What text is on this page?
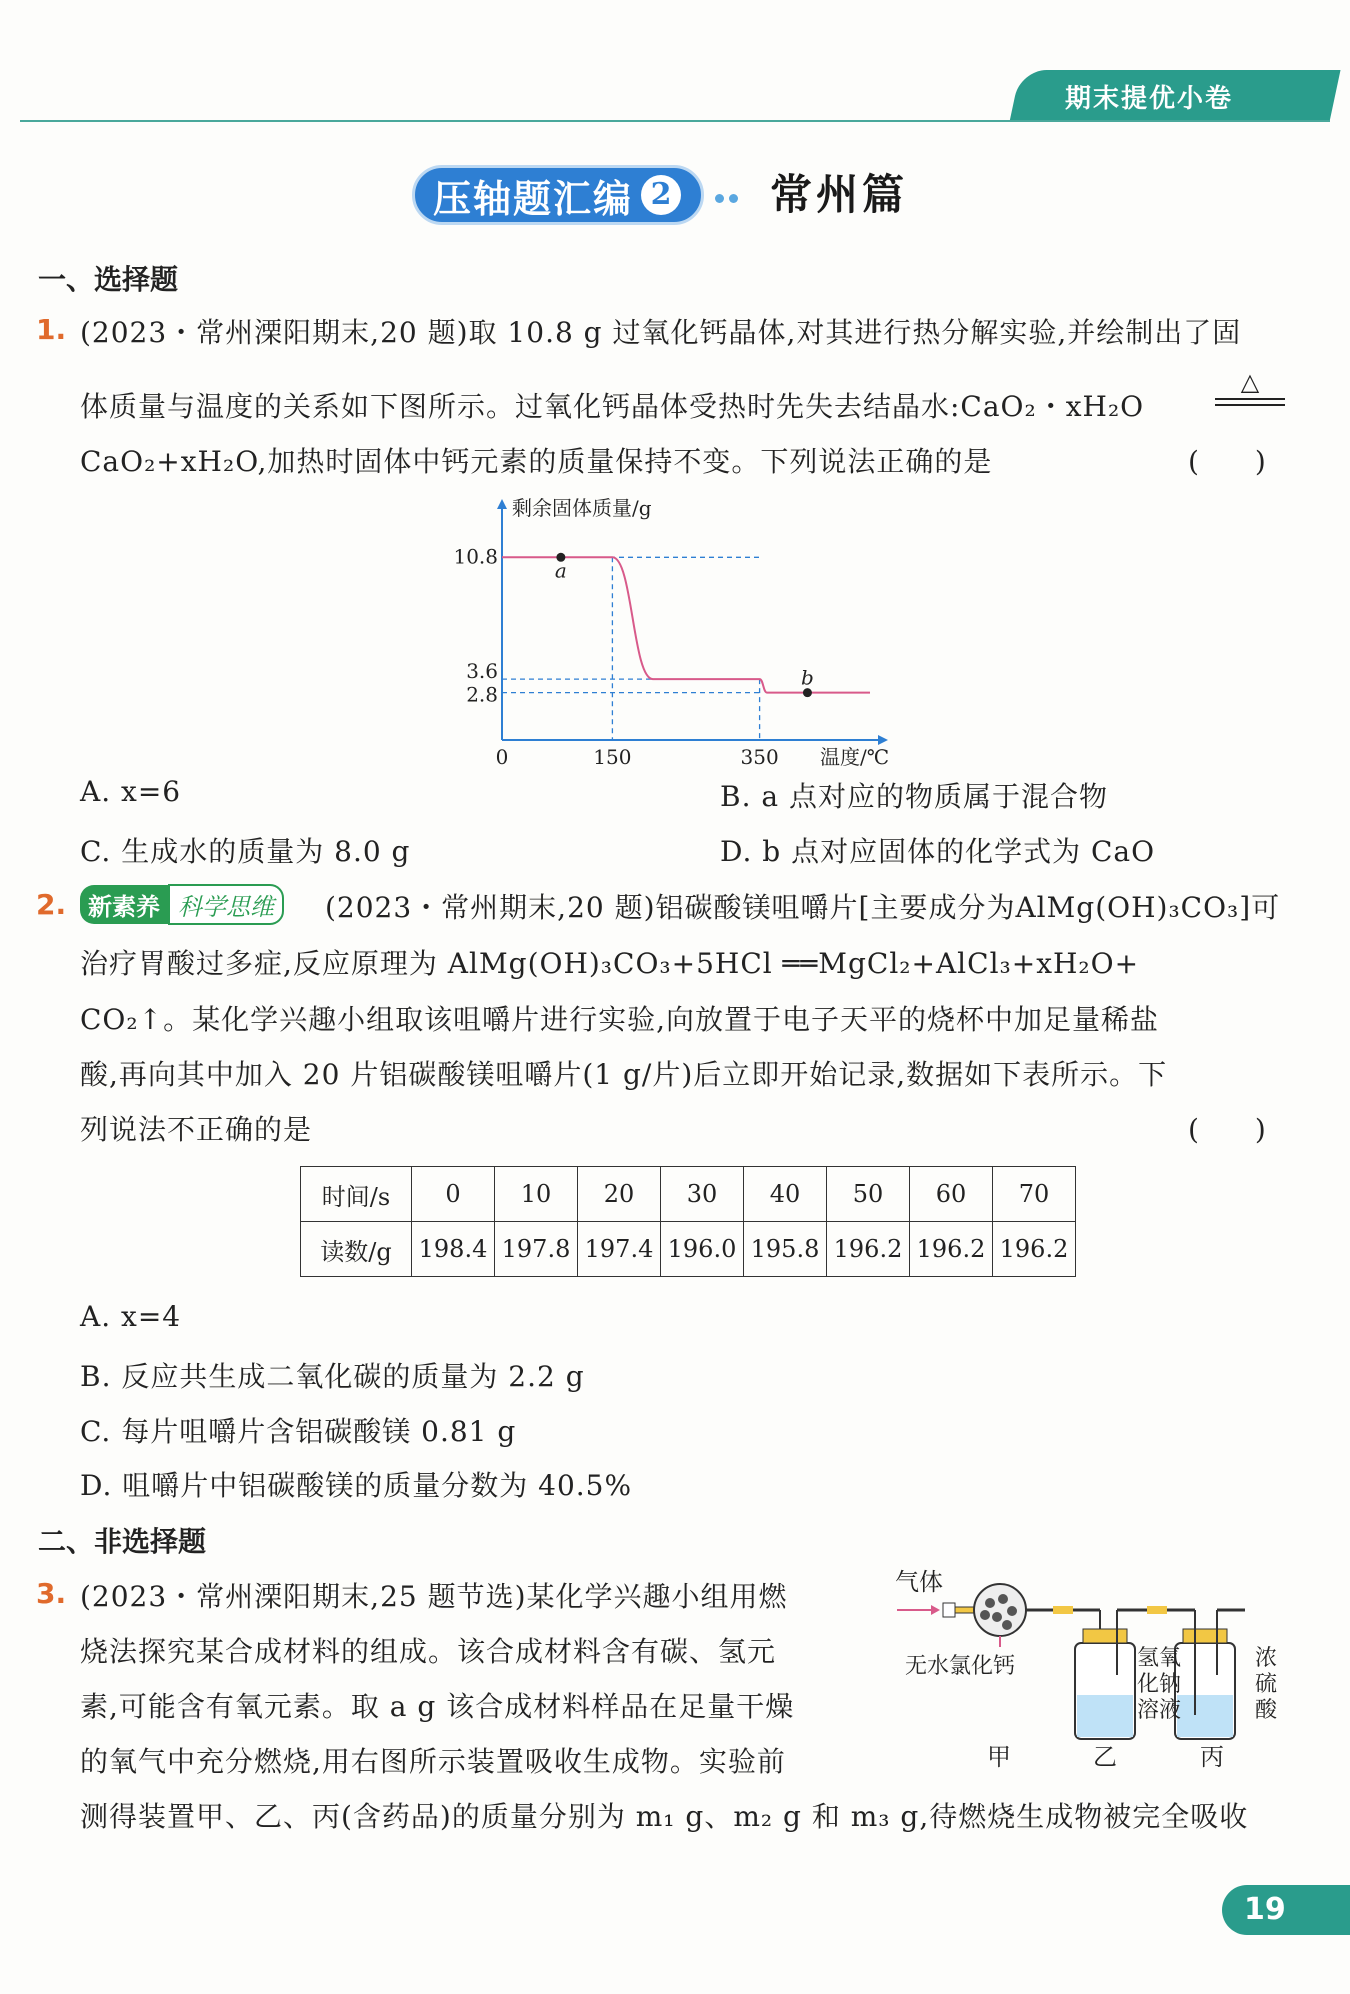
期末提优小卷
压轴题汇编 2 常州篇
一、选择题
1. (2023・常州溧阳期末,20 题)取 10.8 g 过氧化钙晶体,对其进行热分解实验,并绘制出了固
体质量与温度的关系如下图所示。过氧化钙晶体受热时先失去结晶水:CaO₂・xH₂O
△
CaO₂+xH₂O,加热时固体中钙元素的质量保持不变。下列说法正确的是	(　　)
10.8
3.6
2.8
0	150	350
剩余固体质量/g
温度/℃
a
b
A. x=6	B. a 点对应的物质属于混合物
C. 生成水的质量为 8.0 g	D. b 点对应固体的化学式为 CaO
2. 新素养 科学思维	(2023・常州期末,20 题)铝碳酸镁咀嚼片[主要成分为AlMg(OH)₃CO₃]可
治疗胃酸过多症,反应原理为 AlMg(OH)₃CO₃+5HCl ══MgCl₂+AlCl₃+xH₂O+
CO₂↑。某化学兴趣小组取该咀嚼片进行实验,向放置于电子天平的烧杯中加足量稀盐
酸,再向其中加入 20 片铝碳酸镁咀嚼片(1 g/片)后立即开始记录,数据如下表所示。下
列说法不正确的是	(　　)
时间/s	0	10	20	30	40	50	60	70
读数/g	198.4	197.8	197.4	196.0	195.8	196.2	196.2	196.2
A. x=4
B. 反应共生成二氧化碳的质量为 2.2 g
C. 每片咀嚼片含铝碳酸镁 0.81 g
D. 咀嚼片中铝碳酸镁的质量分数为 40.5%
二、非选择题
3. (2023・常州溧阳期末,25 题节选)某化学兴趣小组用燃
烧法探究某合成材料的组成。该合成材料含有碳、氢元
素,可能含有氧元素。取 a g 该合成材料样品在足量干燥
的氧气中充分燃烧,用右图所示装置吸收生成物。实验前
测得装置甲、乙、丙(含药品)的质量分别为 m₁ g、m₂ g 和 m₃ g,待燃烧生成物被完全吸收
气体
无水氯化钙	氢氧
化钠
溶液
浓
硫
酸
甲	乙	丙
19
